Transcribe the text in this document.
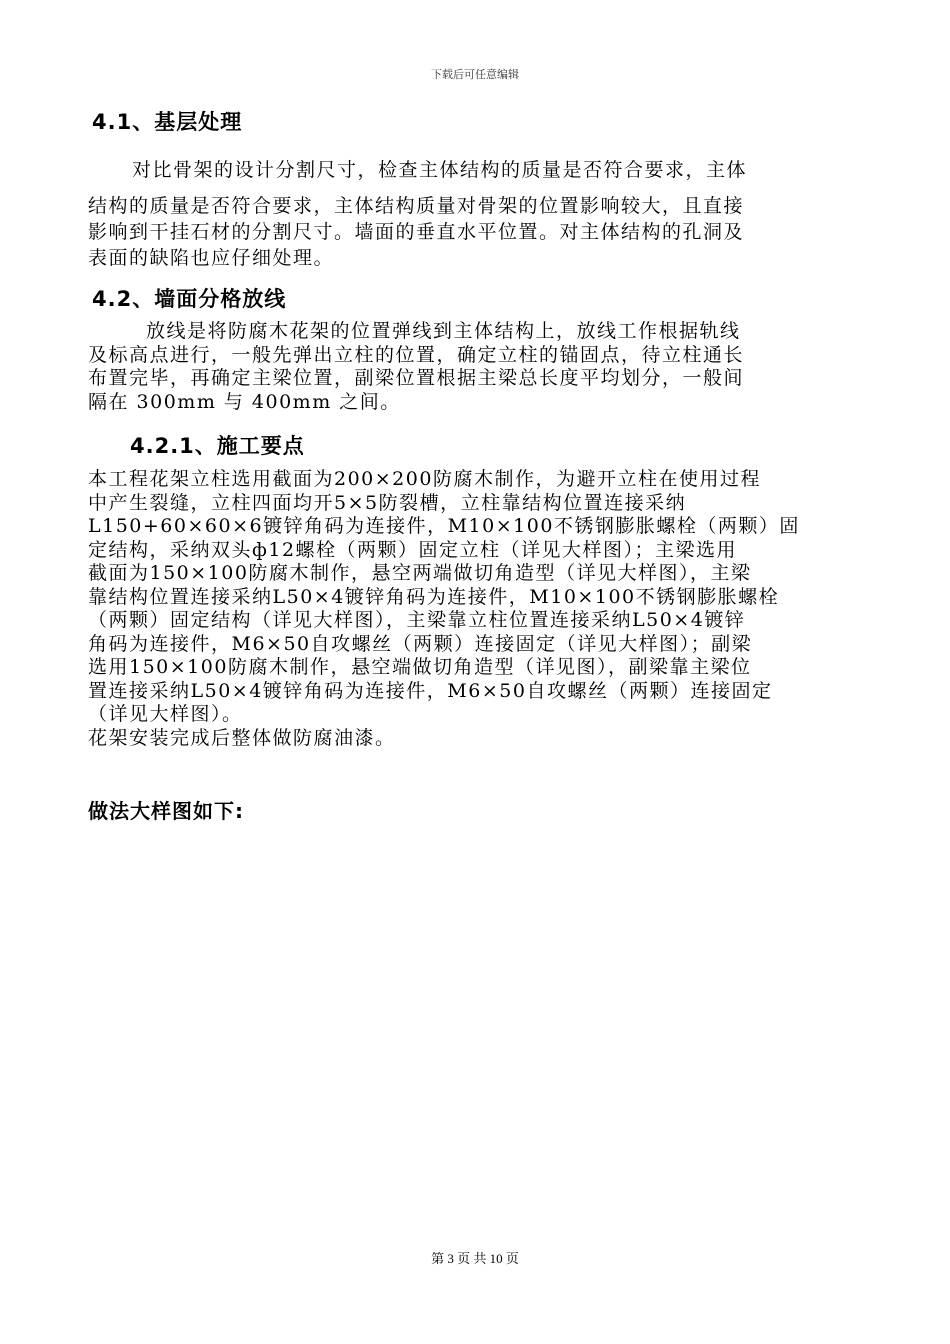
下载后可任意编辑
4.1、基层处理
对比骨架的设计分割尺寸，检查主体结构的质量是否符合要求，主体
结构的质量是否符合要求，主体结构质量对骨架的位置影响较大，且直接
影响到干挂石材的分割尺寸。墙面的垂直水平位置。对主体结构的孔洞及
表面的缺陷也应仔细处理。
4.2、墙面分格放线
放线是将防腐木花架的位置弹线到主体结构上，放线工作根据轨线
及标高点进行，一般先弹出立柱的位置，确定立柱的锚固点，待立柱通长
布置完毕，再确定主梁位置，副梁位置根据主梁总长度平均划分，一般间
隔在 300mm 与 400mm 之间。
4.2.1、施工要点
本工程花架立柱选用截面为200×200防腐木制作，为避开立柱在使用过程
中产生裂缝，立柱四面均开5×5防裂槽，立柱靠结构位置连接采纳
L150+60×60×6镀锌角码为连接件，M10×100不锈钢膨胀螺栓（两颗）固
定结构，采纳双头ф12螺栓（两颗）固定立柱（详见大样图）；主梁选用
截面为150×100防腐木制作，悬空两端做切角造型（详见大样图），主梁
靠结构位置连接采纳L50×4镀锌角码为连接件，M10×100不锈钢膨胀螺栓
（两颗）固定结构（详见大样图），主梁靠立柱位置连接采纳L50×4镀锌
角码为连接件，M6×50自攻螺丝（两颗）连接固定（详见大样图）；副梁
选用150×100防腐木制作，悬空端做切角造型（详见图），副梁靠主梁位
置连接采纳L50×4镀锌角码为连接件，M6×50自攻螺丝（两颗）连接固定
（详见大样图）。
花架安装完成后整体做防腐油漆。
做法大样图如下:
第 3 页 共 10 页
